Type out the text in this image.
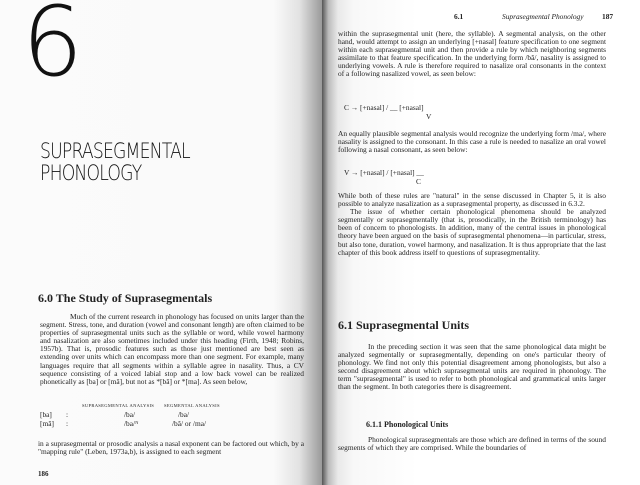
6
SUPRASEGMENTAL
PHONOLOGY
6.0 The Study of Suprasegmentals

Much of the current research in phonology has focused on units larger than the segment. Stress, tone, and duration (vowel and consonant length) are often claimed to be properties of suprasegmental units such as the syllable or word, while vowel harmony and nasalization are also sometimes included under this heading (Firth, 1948; Robins, 1957b). That is, prosodic features such as those just mentioned are best seen as extending over units which can encompass more than one segment. For example, many languages require that all segments within a syllable agree in nasality. Thus, a CV sequence consisting of a voiced labial stop and a low back vowel can be realized phonetically as [ba] or [mã], but not as *[bã] or *[ma]. As seen below,

		SUPRASEGMENTAL ANALYSIS	SEGMENTAL ANALYSIS
[ba]	:	/ba/	/ba/
[mã]	:	/ba/ᴺ	/bã/ or /ma/

in a suprasegmental or prosodic analysis a nasal exponent can be factored out which, by a "mapping rule" (Leben, 1973a,b), is assigned to each segment

186
6.1	Suprasegmental Phonology	187

within the suprasegmental unit (here, the syllable). A segmental analysis, on the other hand, would attempt to assign an underlying [+nasal] feature specification to one segment within each suprasegmental unit and then provide a rule by which neighboring segments assimilate to that feature specification. In the underlying form /bã/, nasality is assigned to underlying vowels. A rule is therefore required to nasalize oral consonants in the context of a following nasalized vowel, as seen below:

C → [+nasal] / __ [+nasal]
V

An equally plausible segmental analysis would recognize the underlying form /ma/, where nasality is assigned to the consonant. In this case a rule is needed to nasalize an oral vowel following a nasal consonant, as seen below:

V → [+nasal] / [+nasal] __
C

While both of these rules are "natural" in the sense discussed in Chapter 5, it is also possible to analyze nasalization as a suprasegmental property, as discussed in 6.3.2.

The issue of whether certain phonological phenomena should be analyzed segmentally or suprasegmentally (that is, prosodically, in the British terminology) has been of concern to phonologists. In addition, many of the central issues in phonological theory have been argued on the basis of suprasegmental phenomena—in particular, stress, but also tone, duration, vowel harmony, and nasalization. It is thus appropriate that the last chapter of this book address itself to questions of suprasegmentality.

6.1 Suprasegmental Units

In the preceding section it was seen that the same phonological data might be analyzed segmentally or suprasegmentally, depending on one's particular theory of phonology. We find not only this potential disagreement among phonologists, but also a second disagreement about which suprasegmental units are required in phonology. The term "suprasegmental" is used to refer to both phonological and grammatical units larger than the segment. In both categories there is disagreement.

6.1.1 Phonological Units

Phonological suprasegmentals are those which are defined in terms of the sound segments of which they are comprised. While the boundaries of
